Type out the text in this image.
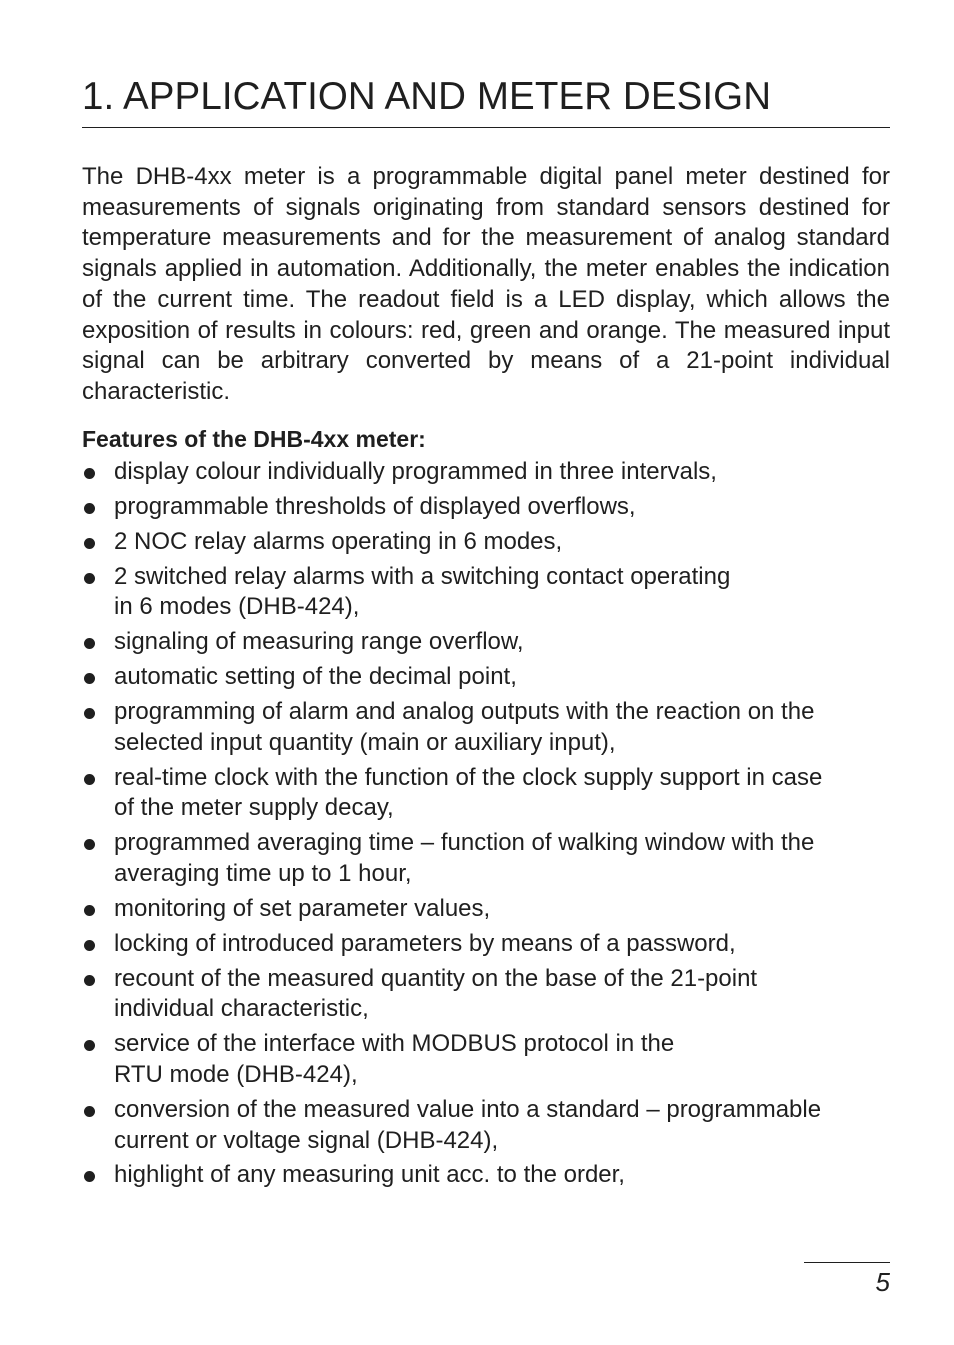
1. APPLICATION AND METER DESIGN

The DHB-4xx meter is a programmable digital panel meter destined for measurements of signals originating from standard sensors destined for temperature measurements and for the measurement of analog standard signals applied in automation. Additionally, the meter enables the indication of the current time. The readout field is a LED display, which allows the exposition of results in colours: red, green and orange. The measured input signal can be arbitrary converted by means of a 21-point individual characteristic.

Features of the DHB-4xx meter:
display colour individually programmed in three intervals,
programmable thresholds of displayed overflows,
2 NOC relay alarms operating in 6 modes,
2 switched relay alarms with a switching contact operating
in 6 modes (DHB-424),
signaling of measuring range overflow,
automatic setting of the decimal point,
programming of alarm and analog outputs with the reaction on the
selected input quantity (main or auxiliary input),
real-time clock with the function of the clock supply support in case
of the meter supply decay,
programmed averaging time – function of walking window with the
averaging time up to 1 hour,
monitoring of set parameter values,
locking of introduced parameters by means of a password,
recount of the measured quantity on the base of the 21-point
individual characteristic,
service of the interface with MODBUS protocol in the
RTU mode (DHB-424),
conversion of the measured value into a standard – programmable
current or voltage signal (DHB-424),
highlight of any measuring unit acc. to the order,
5
